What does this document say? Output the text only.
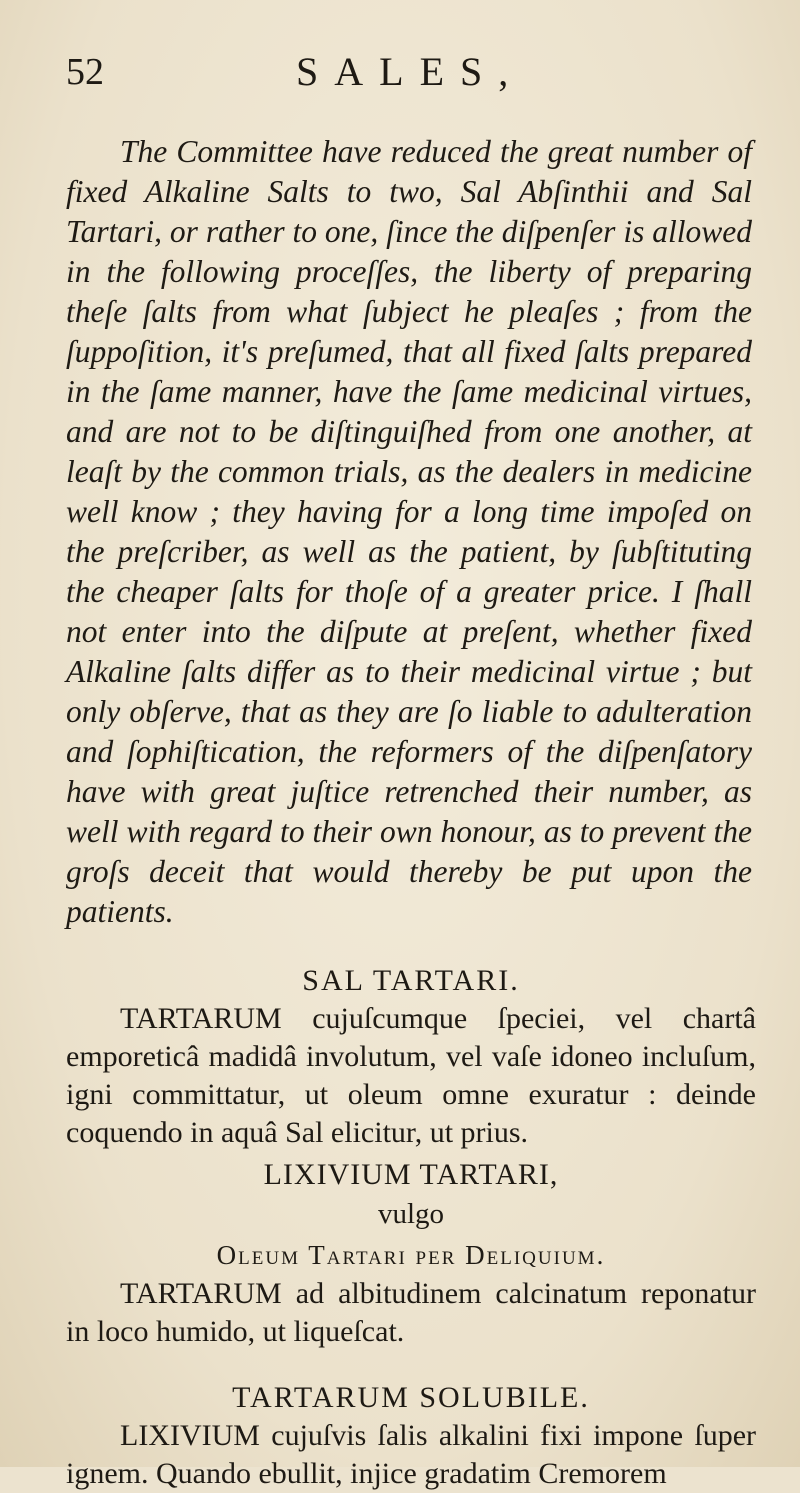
52	SALES,

The Committee have reduced the great number of fixed Alkaline Salts to two, Sal Abſinthii and Sal Tartari, or rather to one, ſince the diſpenſer is allowed in the following proceſſes, the liberty of preparing theſe ſalts from what ſubject he pleaſes ; from the ſuppoſition, it's preſumed, that all fixed ſalts prepared in the ſame manner, have the ſame medicinal virtues, and are not to be diſtinguiſhed from one another, at leaſt by the common trials, as the dealers in medicine well know ; they having for a long time impoſed on the preſcriber, as well as the patient, by ſubſtituting the cheaper ſalts for thoſe of a greater price. I ſhall not enter into the diſpute at preſent, whether fixed Alkaline ſalts differ as to their medicinal virtue ; but only obſerve, that as they are ſo liable to adulteration and ſophiſtication, the reformers of the diſpenſatory have with great juſtice retrenched their number, as well with regard to their own honour, as to prevent the groſs deceit that would thereby be put upon the patients.

SAL TARTARI.

TARTARUM cujuſcumque ſpeciei, vel chartâ emporeticâ madidâ involutum, vel vaſe idoneo incluſum, igni committatur, ut oleum omne exuratur : deinde coquendo in aquâ Sal elicitur, ut prius.

LIXIVIUM TARTARI,
vulgo
Oleum Tartari per Deliquium.

TARTARUM ad albitudinem calcinatum reponatur in loco humido, ut liqueſcat.

TARTARUM SOLUBILE.

LIXIVIUM cujuſvis ſalis alkalini fixi impone ſuper ignem. Quando ebullit, injice gradatim Cremorem
